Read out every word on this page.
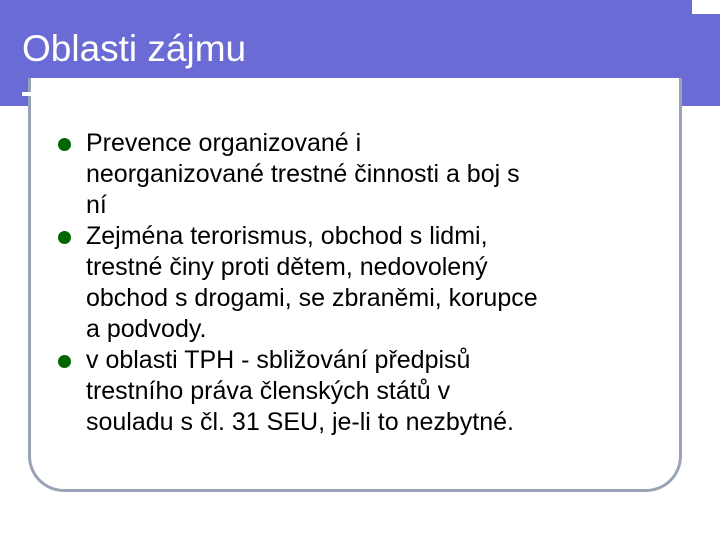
Oblasti zájmu
Prevence organizované i
neorganizované trestné činnosti a boj s
ní
Zejména terorismus, obchod s lidmi,
trestné činy proti dětem, nedovolený
obchod s drogami, se zbraněmi, korupce
a podvody.
v oblasti TPH - sbližování předpisů
trestního práva členských států v
souladu s čl. 31 SEU, je-li to nezbytné.
